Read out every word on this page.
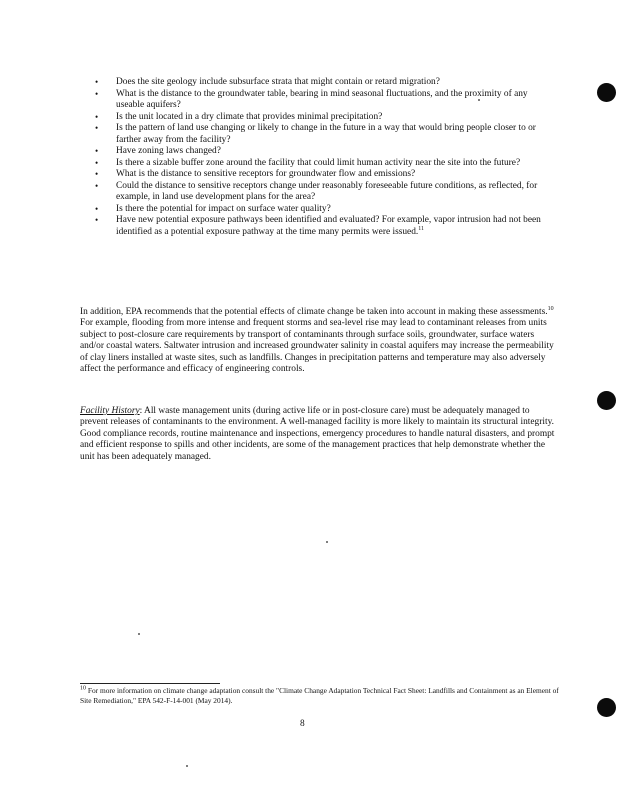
• Does the site geology include subsurface strata that might contain or retard migration?
• What is the distance to the groundwater table, bearing in mind seasonal fluctuations, and the proximity of any useable aquifers?
• Is the unit located in a dry climate that provides minimal precipitation?
• Is the pattern of land use changing or likely to change in the future in a way that would bring people closer to or farther away from the facility?
• Have zoning laws changed?
• Is there a sizable buffer zone around the facility that could limit human activity near the site into the future?
• What is the distance to sensitive receptors for groundwater flow and emissions?
• Could the distance to sensitive receptors change under reasonably foreseeable future conditions, as reflected, for example, in land use development plans for the area?
• Is there the potential for impact on surface water quality?
• Have new potential exposure pathways been identified and evaluated? For example, vapor intrusion had not been identified as a potential exposure pathway at the time many permits were issued.$^{11}$

In addition, EPA recommends that the potential effects of climate change be taken into account in making these assessments.$^{10}$ For example, flooding from more intense and frequent storms and sea-level rise may lead to contaminant releases from units subject to post-closure care requirements by transport of contaminants through surface soils, groundwater, surface waters and/or coastal waters. Saltwater intrusion and increased groundwater salinity in coastal aquifers may increase the permeability of clay liners installed at waste sites, such as landfills. Changes in precipitation patterns and temperature may also adversely affect the performance and efficacy of engineering controls.

Facility History: All waste management units (during active life or in post-closure care) must be adequately managed to prevent releases of contaminants to the environment. A well-managed facility is more likely to maintain its structural integrity. Good compliance records, routine maintenance and inspections, emergency procedures to handle natural disasters, and prompt and efficient response to spills and other incidents, are some of the management practices that help demonstrate whether the unit has been adequately managed.

$^{10}$ For more information on climate change adaptation consult the "Climate Change Adaptation Technical Fact Sheet: Landfills and Containment as an Element of Site Remediation," EPA 542-F-14-001 (May 2014).

8
